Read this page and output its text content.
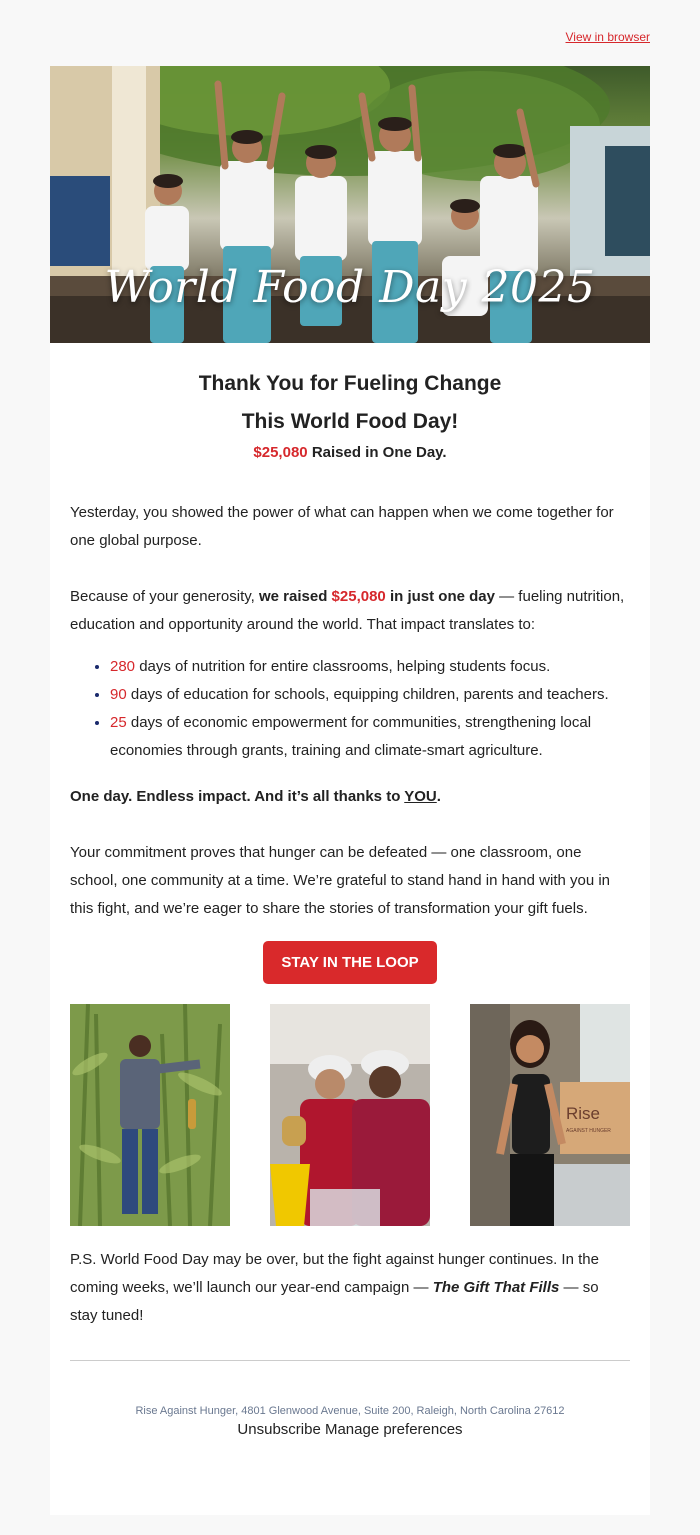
View in browser
World Food Day 2025
Thank You for Fueling Change
This World Food Day!
$25,080 Raised in One Day.

Yesterday, you showed the power of what can happen when we come together for one global purpose.

Because of your generosity, we raised $25,080 in just one day — fueling nutrition, education and opportunity around the world. That impact translates to:

• 280 days of nutrition for entire classrooms, helping students focus.
• 90 days of education for schools, equipping children, parents and teachers.
• 25 days of economic empowerment for communities, strengthening local economies through grants, training and climate-smart agriculture.

One day. Endless impact. And it’s all thanks to YOU.

Your commitment proves that hunger can be defeated — one classroom, one school, one community at a time. We’re grateful to stand hand in hand with you in this fight, and we’re eager to share the stories of transformation your gift fuels.

STAY IN THE LOOP
Rise
AGAINST HUNGER

P.S. World Food Day may be over, but the fight against hunger continues. In the coming weeks, we’ll launch our year-end campaign — The Gift That Fills — so stay tuned!

Rise Against Hunger, 4801 Glenwood Avenue, Suite 200, Raleigh, North Carolina 27612
Unsubscribe Manage preferences
